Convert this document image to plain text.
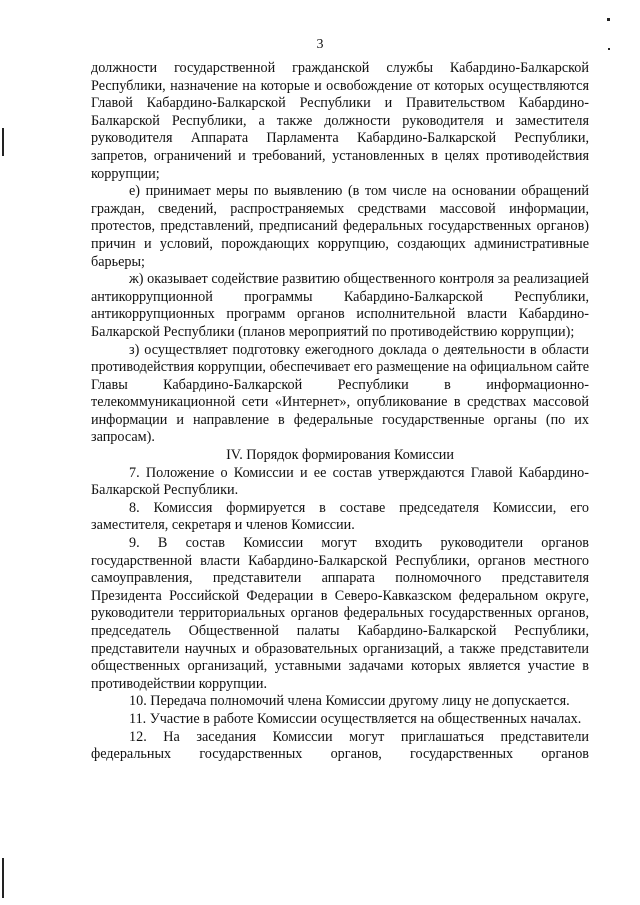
3

должности государственной гражданской службы Кабардино-Балкарской Республики, назначение на которые и освобождение от которых осуществляются Главой Кабардино-Балкарской Республики и Правительством Кабардино-Балкарской Республики, а также должности руководителя и заместителя руководителя Аппарата Парламента Кабардино-Балкарской Республики, запретов, ограничений и требований, установленных в целях противодействия коррупции;

е) принимает меры по выявлению (в том числе на основании обращений граждан, сведений, распространяемых средствами массовой информации, протестов, представлений, предписаний федеральных государственных органов) причин и условий, порождающих коррупцию, создающих административные барьеры;

ж) оказывает содействие развитию общественного контроля за реализацией антикоррупционной программы Кабардино-Балкарской Республики, антикоррупционных программ органов исполнительной власти Кабардино-Балкарской Республики (планов мероприятий по противодействию коррупции);

з) осуществляет подготовку ежегодного доклада о деятельности в области противодействия коррупции, обеспечивает его размещение на официальном сайте Главы Кабардино-Балкарской Республики в информационно-телекоммуникационной сети «Интернет», опубликование в средствах массовой информации и направление в федеральные государственные органы (по их запросам).

IV. Порядок формирования Комиссии

7. Положение о Комиссии и ее состав утверждаются Главой Кабардино-Балкарской Республики.

8. Комиссия формируется в составе председателя Комиссии, его заместителя, секретаря и членов Комиссии.

9. В состав Комиссии могут входить руководители органов государственной власти Кабардино-Балкарской Республики, органов местного самоуправления, представители аппарата полномочного представителя Президента Российской Федерации в Северо-Кавказском федеральном округе, руководители территориальных органов федеральных государственных органов, председатель Общественной палаты Кабардино-Балкарской Республики, представители научных и образовательных организаций, а также представители общественных организаций, уставными задачами которых является участие в противодействии коррупции.

10. Передача полномочий члена Комиссии другому лицу не допускается.

11. Участие в работе Комиссии осуществляется на общественных началах.

12. На заседания Комиссии могут приглашаться представители федеральных государственных органов, государственных органов
